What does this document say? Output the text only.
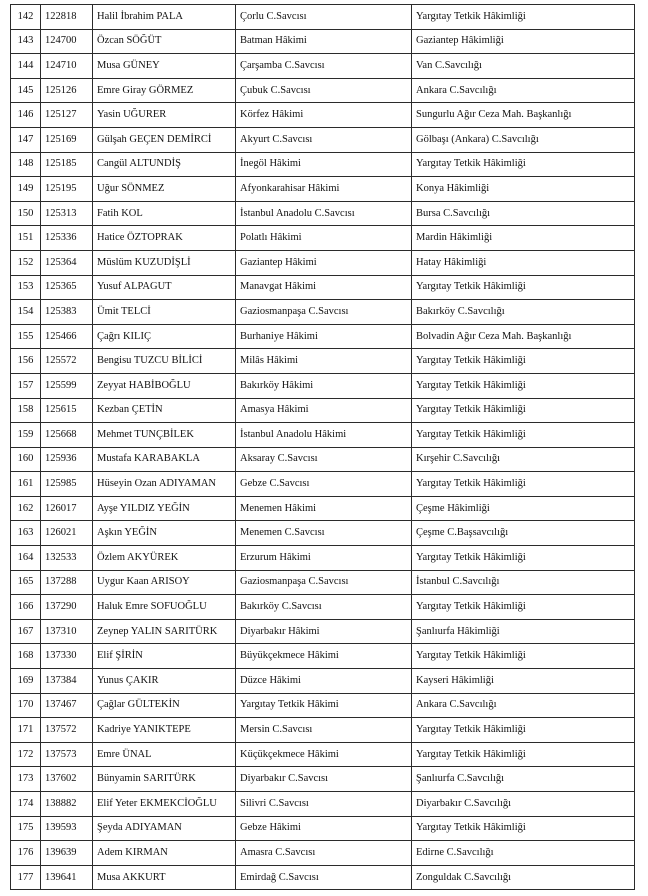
142	122818	Halil İbrahim PALA	Çorlu C.Savcısı	Yargıtay Tetkik Hâkimliği
143	124700	Özcan SÖĞÜT	Batman Hâkimi	Gaziantep Hâkimliği
144	124710	Musa GÜNEY	Çarşamba C.Savcısı	Van C.Savcılığı
145	125126	Emre Giray GÖRMEZ	Çubuk C.Savcısı	Ankara C.Savcılığı
146	125127	Yasin UĞURER	Körfez Hâkimi	Sungurlu Ağır Ceza Mah. Başkanlığı
147	125169	Gülşah GEÇEN DEMİRCİ	Akyurt C.Savcısı	Gölbaşı (Ankara) C.Savcılığı
148	125185	Cangül ALTUNDİŞ	İnegöl Hâkimi	Yargıtay Tetkik Hâkimliği
149	125195	Uğur SÖNMEZ	Afyonkarahisar Hâkimi	Konya Hâkimliği
150	125313	Fatih KOL	İstanbul Anadolu C.Savcısı	Bursa C.Savcılığı
151	125336	Hatice ÖZTOPRAK	Polatlı Hâkimi	Mardin Hâkimliği
152	125364	Müslüm KUZUDİŞLİ	Gaziantep Hâkimi	Hatay Hâkimliği
153	125365	Yusuf ALPAGUT	Manavgat Hâkimi	Yargıtay Tetkik Hâkimliği
154	125383	Ümit TELCİ	Gaziosmanpaşa C.Savcısı	Bakırköy C.Savcılığı
155	125466	Çağrı KILIÇ	Burhaniye Hâkimi	Bolvadin Ağır Ceza Mah. Başkanlığı
156	125572	Bengisu TUZCU BİLİCİ	Milâs Hâkimi	Yargıtay Tetkik Hâkimliği
157	125599	Zeyyat HABİBOĞLU	Bakırköy Hâkimi	Yargıtay Tetkik Hâkimliği
158	125615	Kezban ÇETİN	Amasya Hâkimi	Yargıtay Tetkik Hâkimliği
159	125668	Mehmet TUNÇBİLEK	İstanbul Anadolu Hâkimi	Yargıtay Tetkik Hâkimliği
160	125936	Mustafa KARABAKLA	Aksaray C.Savcısı	Kırşehir C.Savcılığı
161	125985	Hüseyin Ozan ADIYAMAN	Gebze C.Savcısı	Yargıtay Tetkik Hâkimliği
162	126017	Ayşe YILDIZ YEĞİN	Menemen Hâkimi	Çeşme Hâkimliği
163	126021	Aşkın YEĞİN	Menemen C.Savcısı	Çeşme C.Başsavcılığı
164	132533	Özlem AKYÜREK	Erzurum Hâkimi	Yargıtay Tetkik Hâkimliği
165	137288	Uygur Kaan ARISOY	Gaziosmanpaşa C.Savcısı	İstanbul C.Savcılığı
166	137290	Haluk Emre SOFUOĞLU	Bakırköy C.Savcısı	Yargıtay Tetkik Hâkimliği
167	137310	Zeynep YALIN SARITÜRK	Diyarbakır Hâkimi	Şanlıurfa Hâkimliği
168	137330	Elif ŞİRİN	Büyükçekmece Hâkimi	Yargıtay Tetkik Hâkimliği
169	137384	Yunus ÇAKIR	Düzce Hâkimi	Kayseri Hâkimliği
170	137467	Çağlar GÜLTEKİN	Yargıtay Tetkik Hâkimi	Ankara C.Savcılığı
171	137572	Kadriye YANIKTEPE	Mersin C.Savcısı	Yargıtay Tetkik Hâkimliği
172	137573	Emre ÜNAL	Küçükçekmece Hâkimi	Yargıtay Tetkik Hâkimliği
173	137602	Bünyamin SARITÜRK	Diyarbakır C.Savcısı	Şanlıurfa C.Savcılığı
174	138882	Elif Yeter EKMEKCİOĞLU	Silivri C.Savcısı	Diyarbakır C.Savcılığı
175	139593	Şeyda ADIYAMAN	Gebze Hâkimi	Yargıtay Tetkik Hâkimliği
176	139639	Adem KIRMAN	Amasra C.Savcısı	Edirne C.Savcılığı
177	139641	Musa AKKURT	Emirdağ C.Savcısı	Zonguldak C.Savcılığı
